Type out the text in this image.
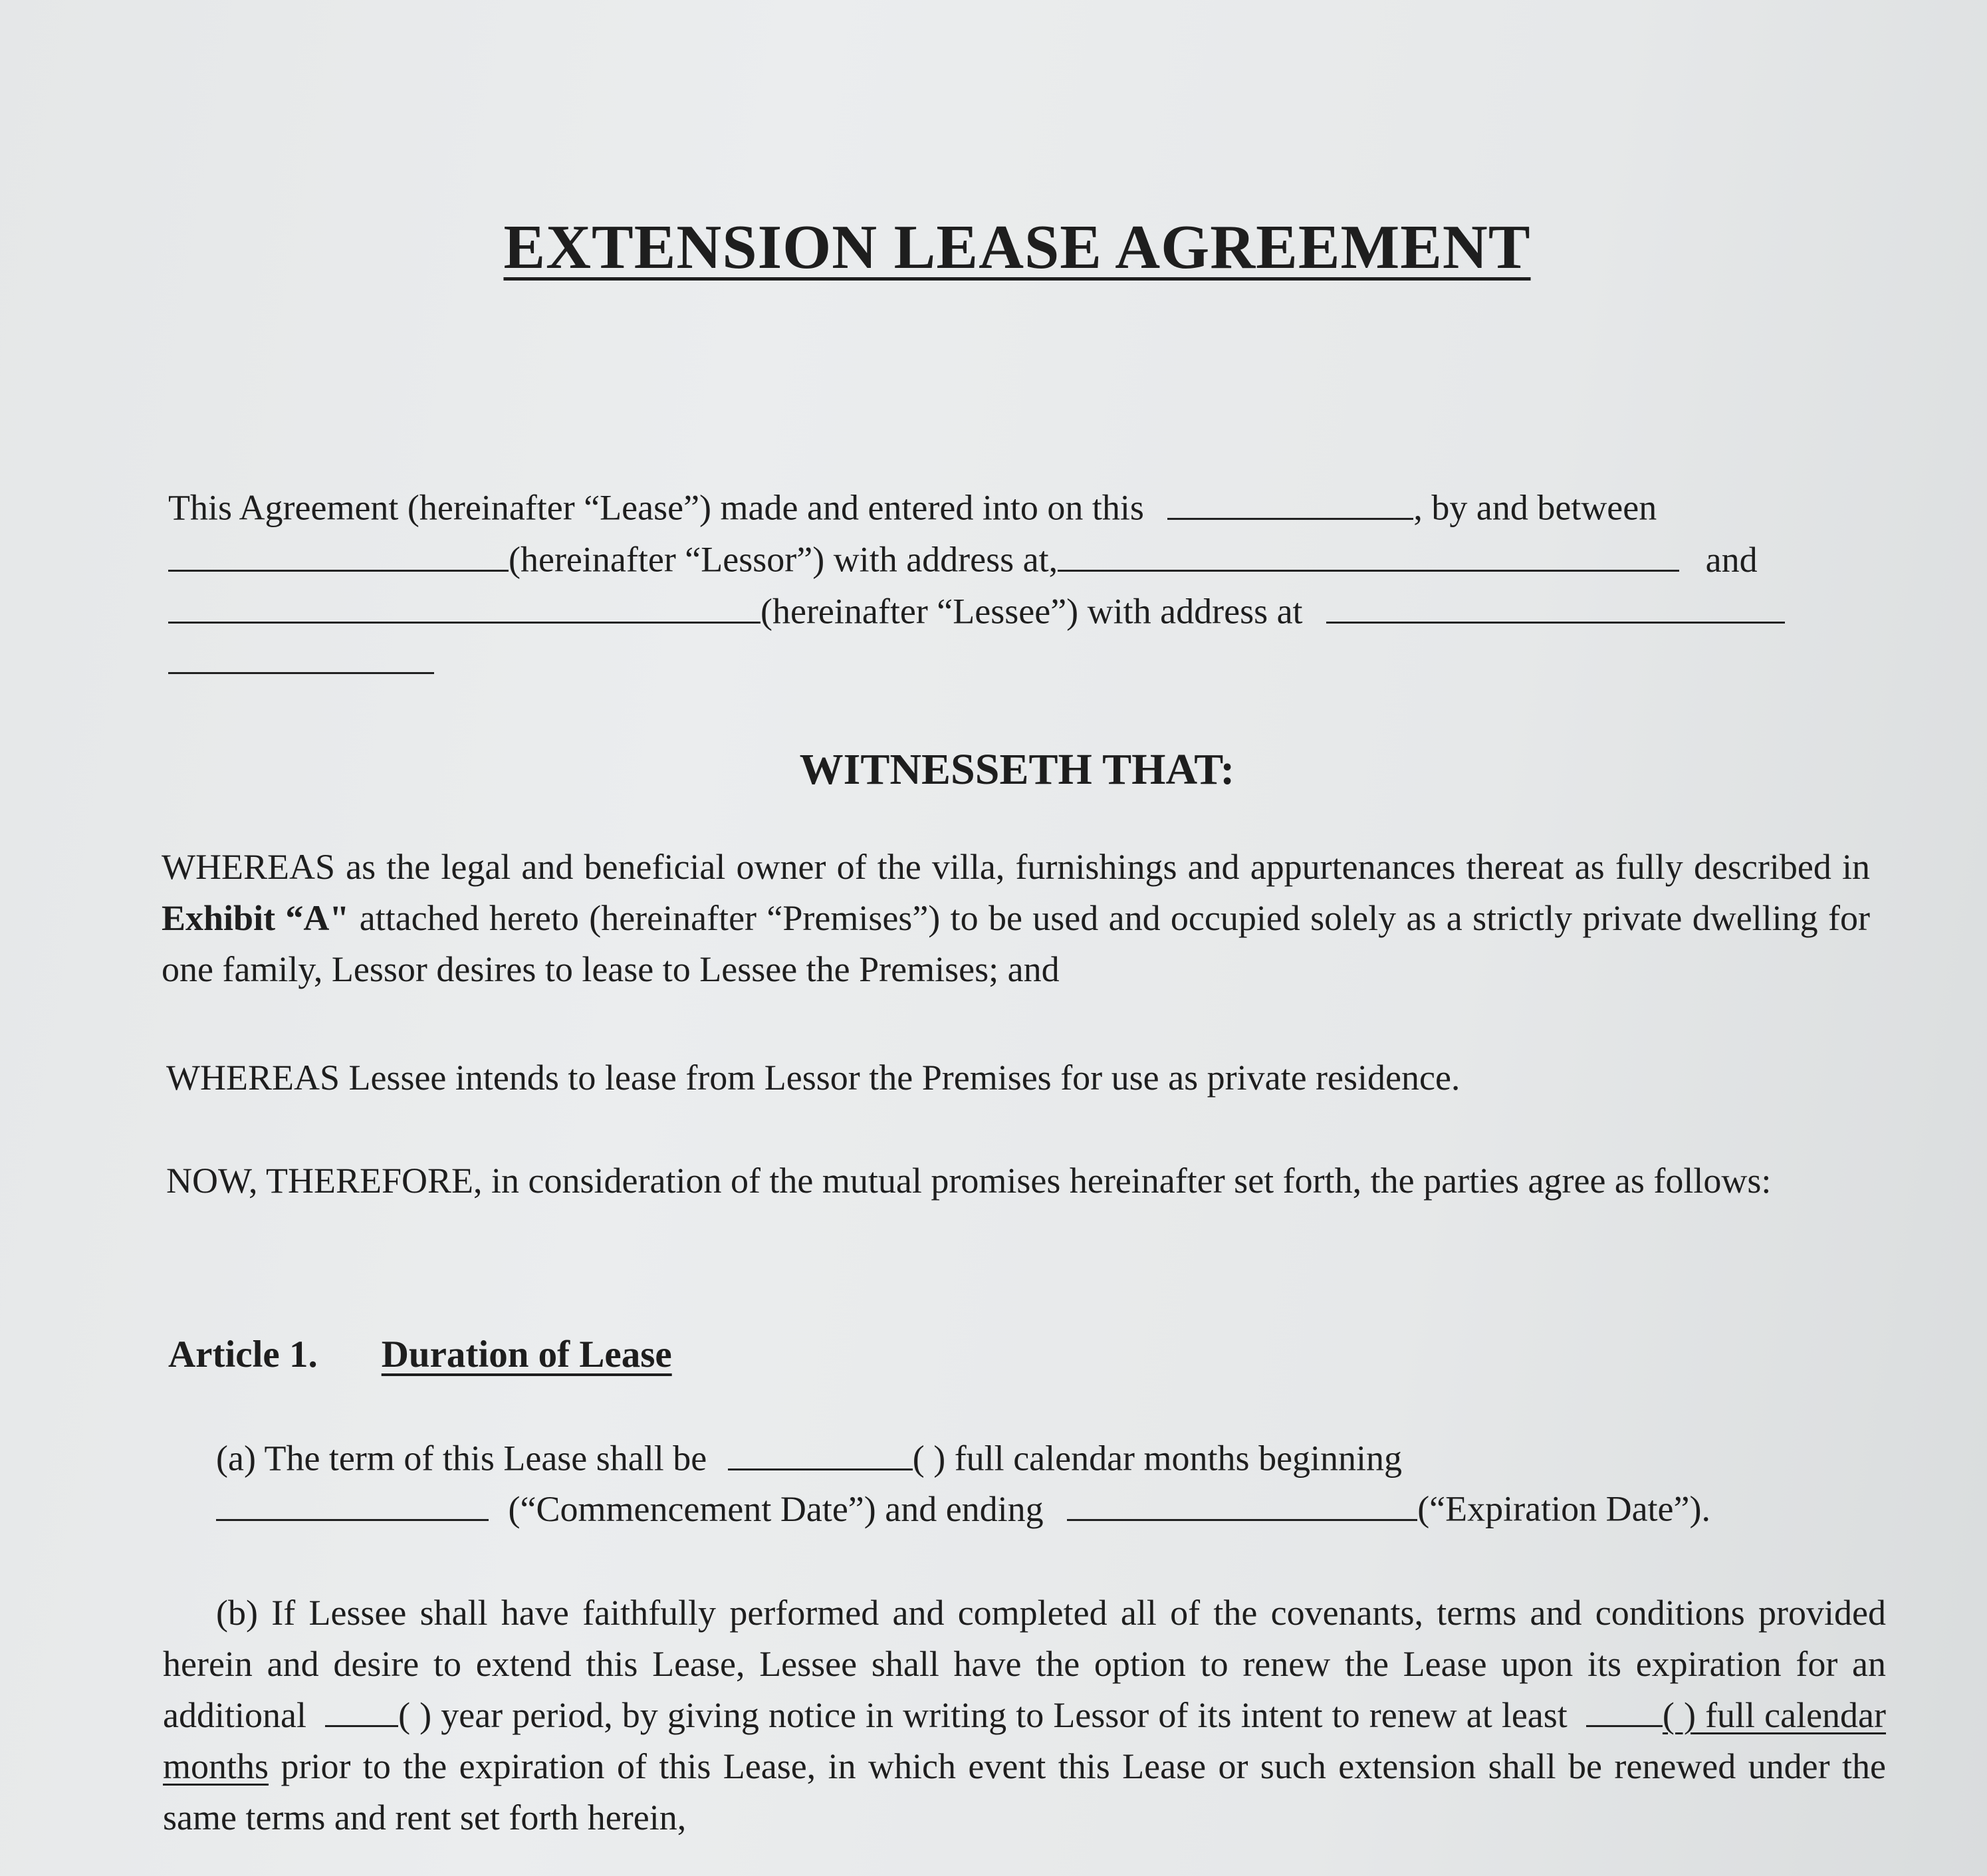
EXTENSION LEASE AGREEMENT
This Agreement (hereinafter “Lease”) made and entered into on this	, by and between
(hereinafter “Lessor”) with address at,	and
(hereinafter “Lessee”) with address at
WITNESSETH THAT:

WHEREAS as the legal and beneficial owner of the villa, furnishings and appurtenances thereat as fully described in Exhibit “A" attached hereto (hereinafter “Premises”) to be used and occupied solely as a strictly private dwelling for one family, Lessor desires to lease to Lessee the Premises; and

WHEREAS Lessee intends to lease from Lessor the Premises for use as private residence.

NOW, THEREFORE, in consideration of the mutual promises hereinafter set forth, the parties agree as follows:

Article 1. Duration of Lease
(a) The term of this Lease shall be	( ) full calendar months beginning
(“Commencement Date”) and ending	(“Expiration Date”).

(b) If Lessee shall have faithfully performed and completed all of the covenants, terms and conditions provided herein and desire to extend this Lease, Lessee shall have the option to renew the Lease upon its expiration for an additional	( ) year period, by giving notice in writing to Lessor of its intent to renew at least	( ) full calendar months prior to the expiration of this Lease, in which event this Lease or such extension shall be renewed under the same terms and rent set forth herein,
